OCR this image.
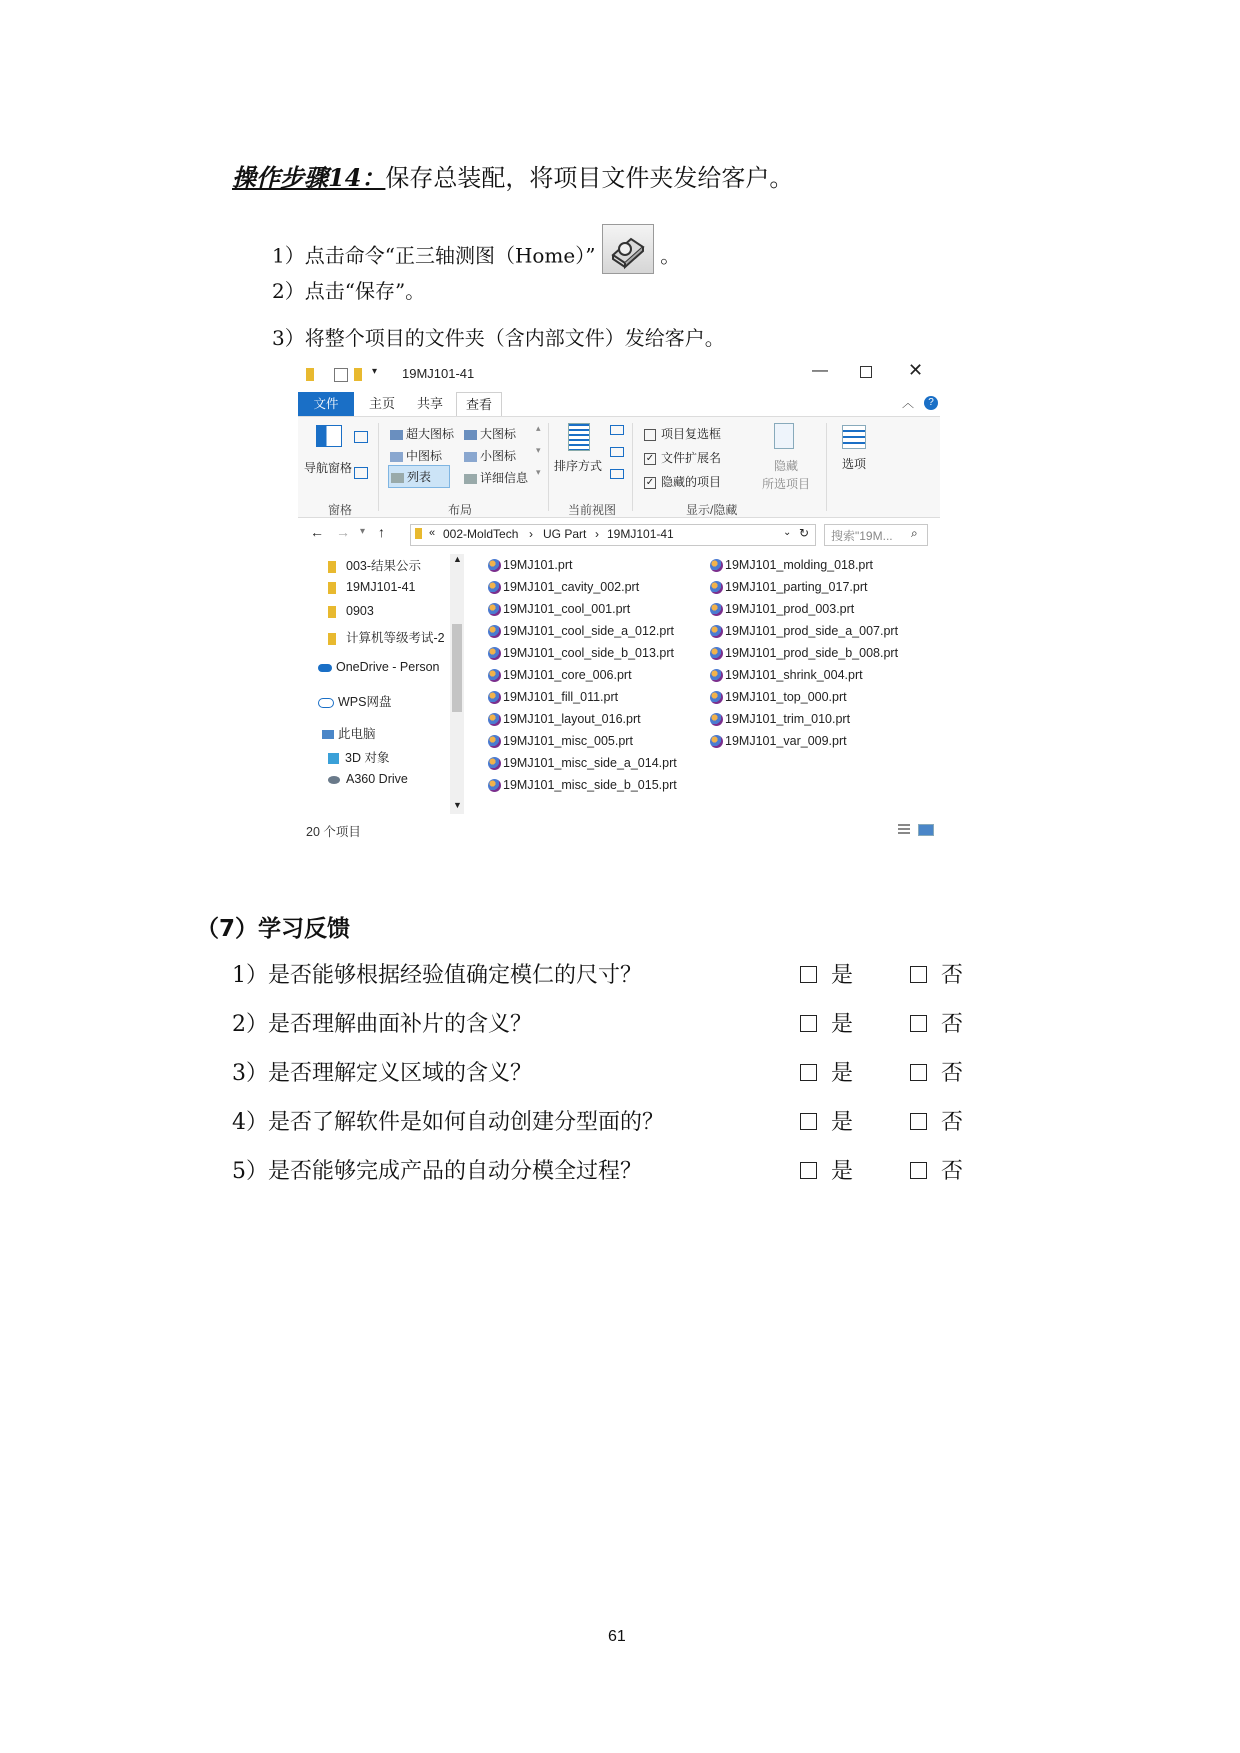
操作步骤14：保存总装配，将项目文件夹发给客户。
1）点击命令“正三轴测图（Home）”	。
2）点击“保存”。
3）将整个项目的文件夹（含内部文件）发给客户。
▾ 19MJ101-41	—	✕
文件	主页	共享	查看	︿	?
导航窗格
窗格
超大图标	大图标
中图标	小图标
列表	详细信息
▴
▾
▾
布局
排序方式
当前视图
项目复选框
✓ 文件扩展名
✓ 隐藏的项目
隐藏
所选项目
显示/隐藏
选项
← → ▾ ↑	« 002-MoldTech › UG Part › 19MJ101-41	⌄ ↻ 搜索"19M... ⌕
003-结果公示
19MJ101-41
0903
计算机等级考试-2
OneDrive - Person
WPS网盘
此电脑
3D 对象
A360 Drive
▲
▼
19MJ101.prt
19MJ101_cavity_002.prt
19MJ101_cool_001.prt
19MJ101_cool_side_a_012.prt
19MJ101_cool_side_b_013.prt
19MJ101_core_006.prt
19MJ101_fill_011.prt
19MJ101_layout_016.prt
19MJ101_misc_005.prt
19MJ101_misc_side_a_014.prt
19MJ101_misc_side_b_015.prt
19MJ101_molding_018.prt
19MJ101_parting_017.prt
19MJ101_prod_003.prt
19MJ101_prod_side_a_007.prt
19MJ101_prod_side_b_008.prt
19MJ101_shrink_004.prt
19MJ101_top_000.prt
19MJ101_trim_010.prt
19MJ101_var_009.prt
20 个项目
（7）学习反馈
1）是否能够根据经验值确定模仁的尺寸？	是	否
2）是否理解曲面补片的含义？	是	否
3）是否理解定义区域的含义？	是	否
4）是否了解软件是如何自动创建分型面的？	是	否
5）是否能够完成产品的自动分模全过程？	是	否
61
